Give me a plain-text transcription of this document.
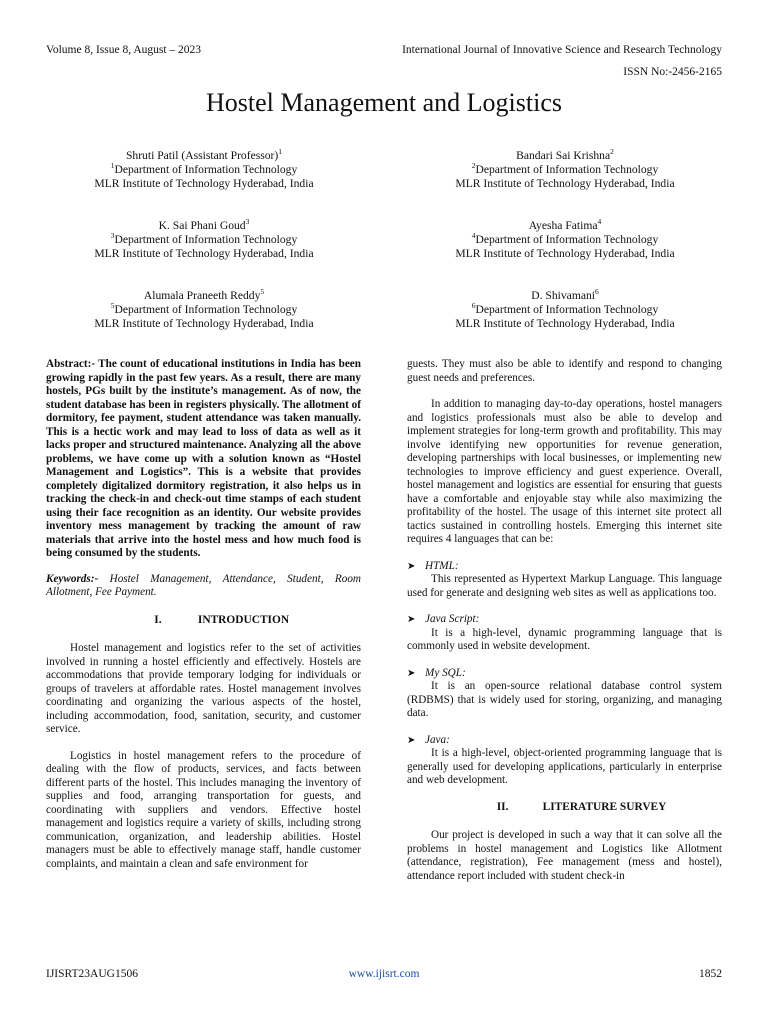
Volume 8, Issue 8, August – 2023	International Journal of Innovative Science and Research Technology
ISSN No:-2456-2165
Hostel Management and Logistics
Shruti Patil (Assistant Professor)$^1$
$^1$Department of Information Technology
MLR Institute of Technology Hyderabad, India
Bandari Sai Krishna$^2$
$^2$Department of Information Technology
MLR Institute of Technology Hyderabad, India
K. Sai Phani Goud$^3$
$^3$Department of Information Technology
MLR Institute of Technology Hyderabad, India
Ayesha Fatima$^4$
$^4$Department of Information Technology
MLR Institute of Technology Hyderabad, India
Alumala Praneeth Reddy$^5$
$^5$Department of Information Technology
MLR Institute of Technology Hyderabad, India
D. Shivamani$^6$
$^6$Department of Information Technology
MLR Institute of Technology Hyderabad, India

Abstract:- The count of educational institutions in India has been growing rapidly in the past few years. As a result, there are many hostels, PGs built by the institute’s management. As of now, the student database has been in registers physically. The allotment of dormitory, fee payment, student attendance was taken manually. This is a hectic work and may lead to loss of data as well as it lacks proper and structured maintenance. Analyzing all the above problems, we have come up with a solution known as “Hostel Management and Logistics”. This is a website that provides completely digitalized dormitory registration, it also helps us in tracking the check-in and check-out time stamps of each student using their face recognition as an identity. Our website provides inventory mess management by tracking the amount of raw materials that arrive into the hostel mess and how much food is being consumed by the students.

Keywords:- Hostel Management, Attendance, Student, Room Allotment, Fee Payment.

I.	INTRODUCTION

Hostel management and logistics refer to the set of activities involved in running a hostel efficiently and effectively. Hostels are accommodations that provide temporary lodging for individuals or groups of travelers at affordable rates. Hostel management involves coordinating and organizing the various aspects of the hostel, including accommodation, food, sanitation, security, and customer service.

Logistics in hostel management refers to the procedure of dealing with the flow of products, services, and facts between different parts of the hostel. This includes managing the inventory of supplies and food, arranging transportation for guests, and coordinating with suppliers and vendors. Effective hostel management and logistics require a variety of skills, including strong communication, organization, and leadership abilities. Hostel managers must be able to effectively manage staff, handle customer complaints, and maintain a clean and safe environment for

guests. They must also be able to identify and respond to changing guest needs and preferences.

In addition to managing day-to-day operations, hostel managers and logistics professionals must also be able to develop and implement strategies for long-term growth and profitability. This may involve identifying new opportunities for revenue generation, developing partnerships with local businesses, or implementing new technologies to improve efficiency and guest experience. Overall, hostel management and logistics are essential for ensuring that guests have a comfortable and enjoyable stay while also maximizing the profitability of the hostel. The usage of this internet site protect all tactics sustained in controlling hostels. Emerging this internet site requires 4 languages that can be:

➤ HTML:

This represented as Hypertext Markup Language. This language used for generate and designing web sites as well as applications too.

➤ Java Script:

It is a high-level, dynamic programming language that is commonly used in website development.

➤ My SQL:

It is an open-source relational database control system (RDBMS) that is widely used for storing, organizing, and managing data.

➤ Java:

It is a high-level, object-oriented programming language that is generally used for developing applications, particularly in enterprise and web development.

II.	LITERATURE SURVEY

Our project is developed in such a way that it can solve all the problems in hostel management and Logistics like Allotment (attendance, registration), Fee management (mess and hostel), attendance report included with student check-in

IJISRT23AUG1506	www.ijisrt.com	1852
